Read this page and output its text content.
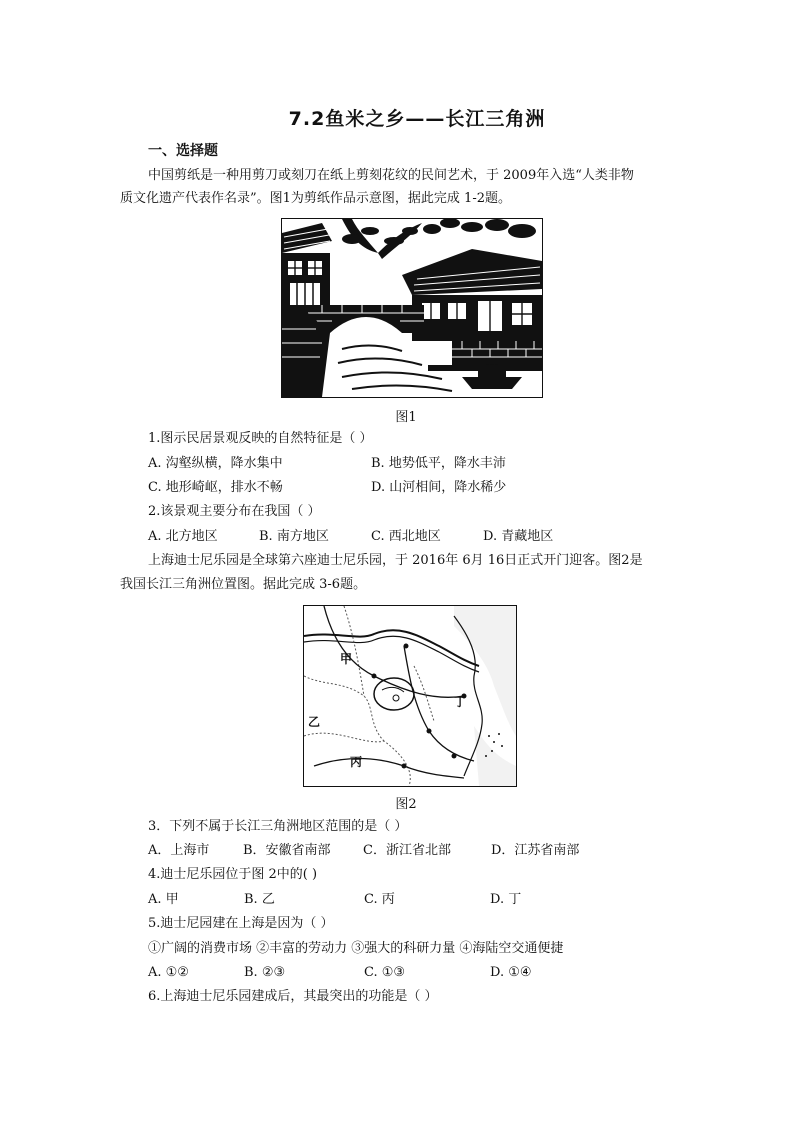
7.2鱼米之乡——长江三角洲
一、选择题
中国剪纸是一种用剪刀或刻刀在纸上剪刻花纹的民间艺术，于 2009年入选“人类非物
质文化遗产代表作名录”。图1为剪纸作品示意图，据此完成 1-2题。
图1
1.图示民居景观反映的自然特征是（ ）
A. 沟壑纵横，降水集中	B. 地势低平，降水丰沛
C. 地形崎岖，排水不畅	D. 山河相间，降水稀少
2.该景观主要分布在我国（ ）
A. 北方地区	B. 南方地区	C. 西北地区	D. 青藏地区
上海迪士尼乐园是全球第六座迪士尼乐园，于 2016年 6月 16日正式开门迎客。图2是
我国长江三角洲位置图。据此完成 3-6题。
甲
乙
丙
丁
图2
3．下列不属于长江三角洲地区范围的是（ ）
A．上海市	B．安徽省南部 C．浙江省北部	D．江苏省南部
4.迪士尼乐园位于图 2中的( )
A. 甲	B. 乙	C. 丙	D. 丁
5.迪士尼园建在上海是因为（ ）
①广阔的消费市场 ②丰富的劳动力 ③强大的科研力量 ④海陆空交通便捷
A. ①②	B. ②③	C. ①③	D. ①④
6.上海迪士尼乐园建成后，其最突出的功能是（ ）
